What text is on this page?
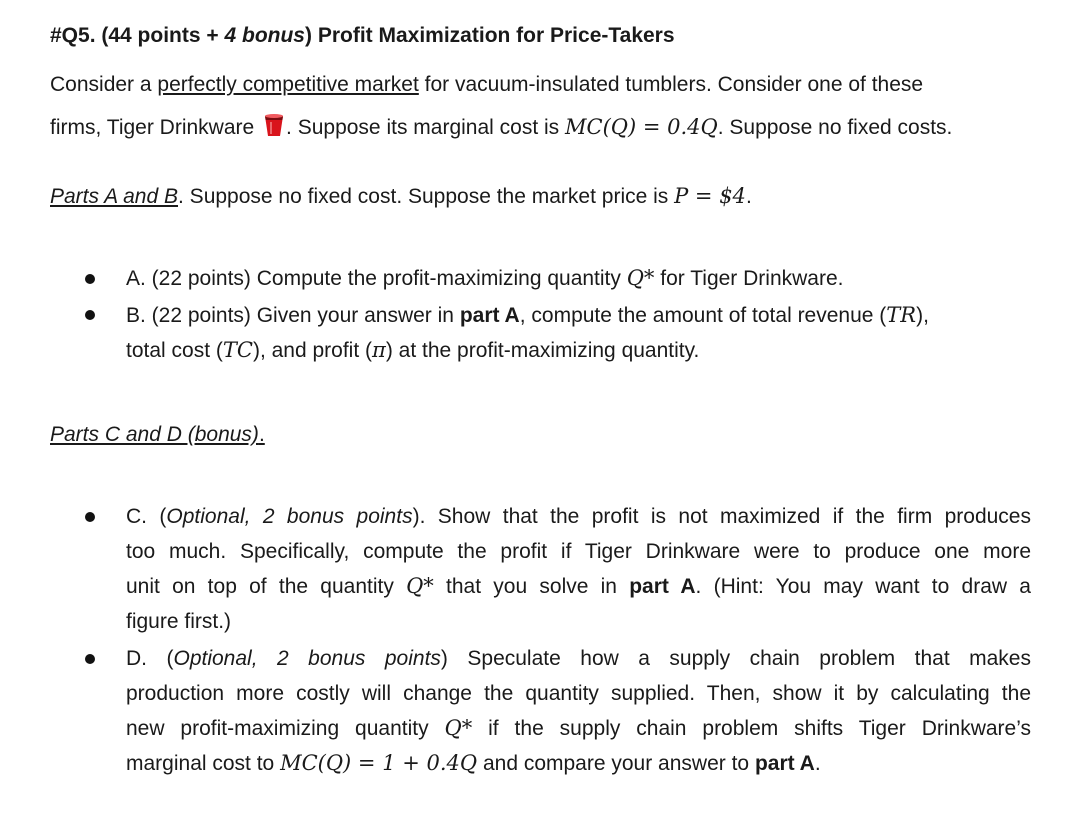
#Q5. (44 points + 4 bonus) Profit Maximization for Price-Takers
Consider a perfectly competitive market for vacuum-insulated tumblers. Consider one of these
firms, Tiger Drinkware . Suppose its marginal cost is MC(Q) = 0.4Q. Suppose no fixed costs.
Parts A and B. Suppose no fixed cost. Suppose the market price is P = $4.
A. (22 points) Compute the profit-maximizing quantity Q* for Tiger Drinkware.
B. (22 points) Given your answer in part A, compute the amount of total revenue (TR),
total cost (TC), and profit (π) at the profit-maximizing quantity.
Parts C and D (bonus).
C. (Optional, 2 bonus points). Show that the profit is not maximized if the firm produces
too much. Specifically, compute the profit if Tiger Drinkware were to produce one more
unit on top of the quantity Q* that you solve in part A. (Hint: You may want to draw a
figure first.)
D. (Optional, 2 bonus points) Speculate how a supply chain problem that makes
production more costly will change the quantity supplied. Then, show it by calculating the
new profit-maximizing quantity Q* if the supply chain problem shifts Tiger Drinkware’s
marginal cost to MC(Q) = 1 + 0.4Q and compare your answer to part A.
